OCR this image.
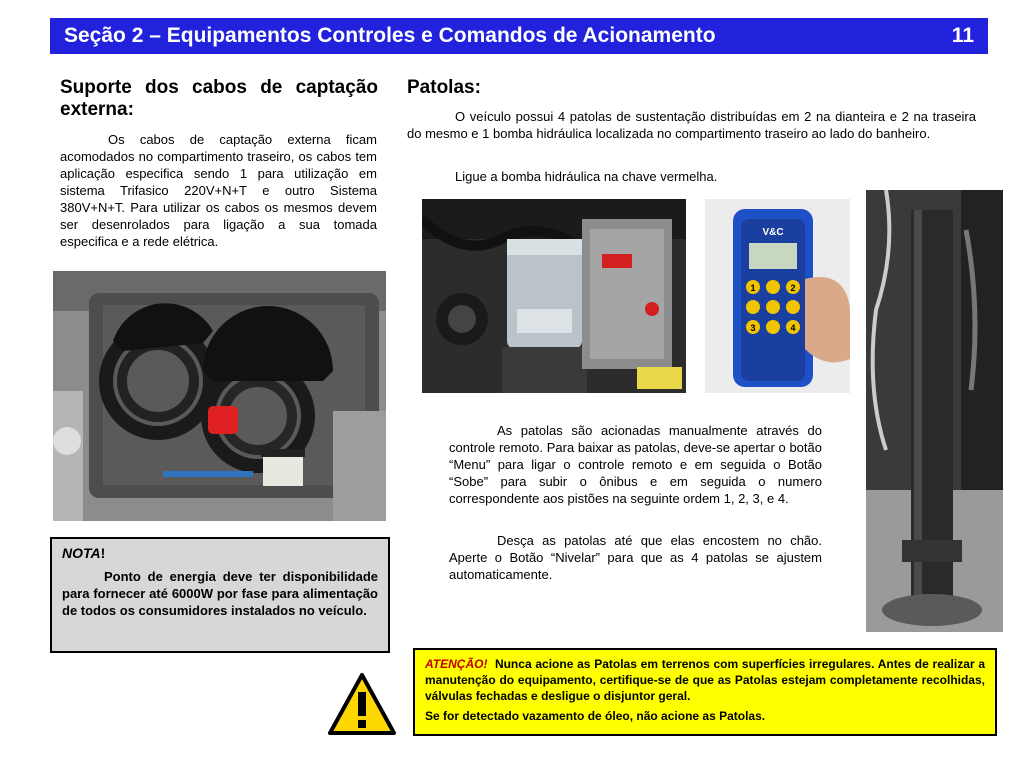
Seção 2 – Equipamentos Controles e Comandos de Acionamento	11
Suporte dos cabos de captação externa:

Os cabos de captação externa ficam acomodados no compartimento traseiro, os cabos tem aplicação especifica sendo 1 para utilização em sistema Trifasico 220V+N+T e outro Sistema 380V+N+T. Para utilizar os cabos os mesmos devem ser desenrolados para ligação a sua tomada especifica e a rede elétrica.

NOTA!

Ponto de energia deve ter disponibilidade para fornecer até 6000W por fase para alimentação de todos os consumidores instalados no veículo.

Patolas:

O veículo possui 4 patolas de sustentação distribuídas em 2 na dianteira e 2 na traseira do mesmo e 1 bomba hidráulica localizada no compartimento traseiro ao lado do banheiro.

Ligue a bomba hidráulica na chave vermelha.

V&C
1	2
3	4

As patolas são acionadas manualmente através do controle remoto. Para baixar as patolas, deve-se apertar o botão “Menu” para ligar o controle remoto e em seguida o Botão “Sobe” para subir o ônibus e em seguida o numero correspondente aos pistões na seguinte ordem 1, 2, 3, e 4.

Desça as patolas até que elas encostem no chão. Aperte o Botão “Nivelar” para que as 4 patolas se ajustem automaticamente.

ATENÇÃO! Nunca acione as Patolas em terrenos com superfícies irregulares. Antes de realizar a manutenção do equipamento, certifique-se de que as Patolas estejam completamente recolhidas, válvulas fechadas e desligue o disjuntor geral.

Se for detectado vazamento de óleo, não acione as Patolas.
